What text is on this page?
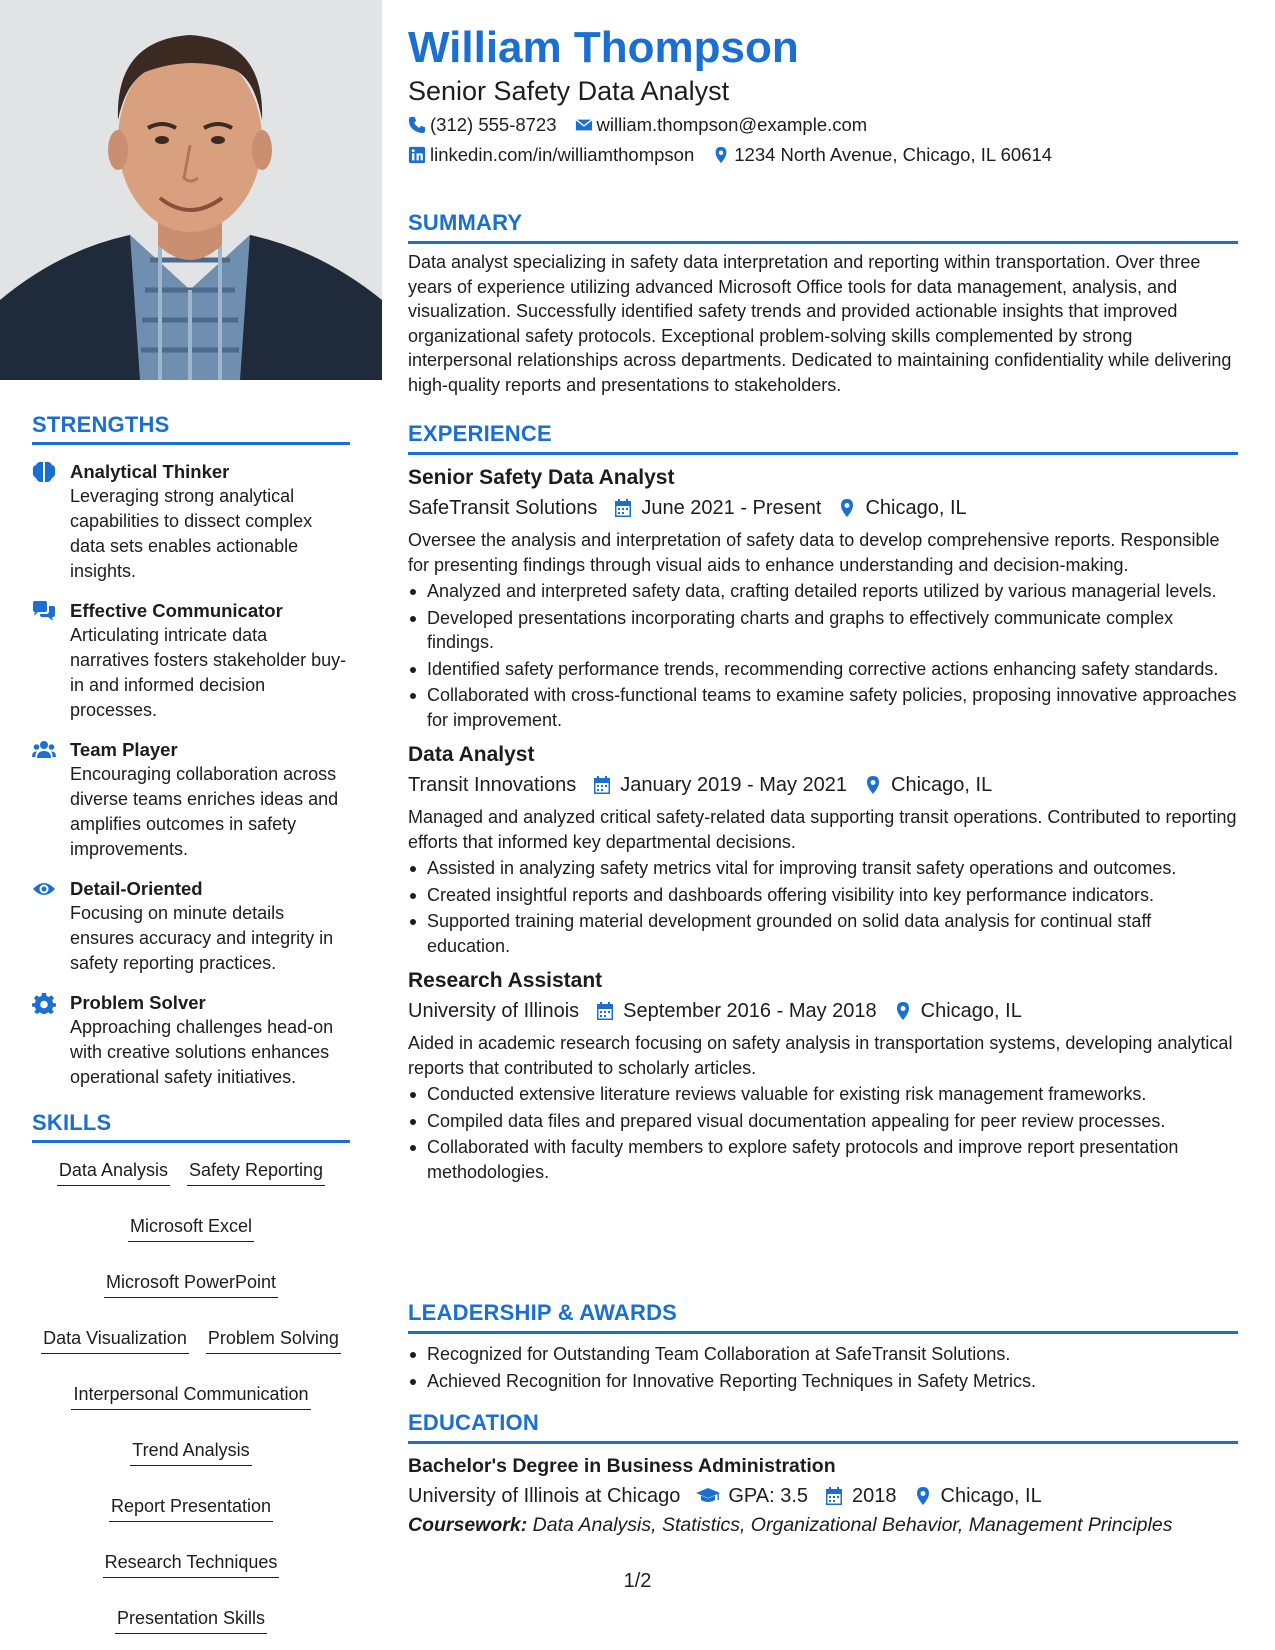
STRENGTHS
Analytical Thinker
Leveraging strong analytical capabilities to dissect complex data sets enables actionable insights.
Effective Communicator
Articulating intricate data narratives fosters stakeholder buy-in and informed decision processes.
Team Player
Encouraging collaboration across diverse teams enriches ideas and amplifies outcomes in safety improvements.
Detail-Oriented
Focusing on minute details ensures accuracy and integrity in safety reporting practices.
Problem Solver
Approaching challenges head-on with creative solutions enhances operational safety initiatives.
SKILLS
Data Analysis Safety Reporting
Microsoft Excel
Microsoft PowerPoint
Data Visualization Problem Solving
Interpersonal Communication
Trend Analysis
Report Presentation
Research Techniques
Presentation Skills
William Thompson
Senior Safety Data Analyst
(312) 555-8723 william.thompson@example.com
linkedin.com/in/williamthompson 1234 North Avenue, Chicago, IL 60614
SUMMARY
Data analyst specializing in safety data interpretation and reporting within transportation. Over three years of experience utilizing advanced Microsoft Office tools for data management, analysis, and visualization. Successfully identified safety trends and provided actionable insights that improved organizational safety protocols. Exceptional problem-solving skills complemented by strong interpersonal relationships across departments. Dedicated to maintaining confidentiality while delivering high-quality reports and presentations to stakeholders.
EXPERIENCE
Senior Safety Data Analyst
SafeTransit Solutions June 2021 - Present Chicago, IL
Oversee the analysis and interpretation of safety data to develop comprehensive reports. Responsible for presenting findings through visual aids to enhance understanding and decision-making.
Analyzed and interpreted safety data, crafting detailed reports utilized by various managerial levels.
Developed presentations incorporating charts and graphs to effectively communicate complex findings.
Identified safety performance trends, recommending corrective actions enhancing safety standards.
Collaborated with cross-functional teams to examine safety policies, proposing innovative approaches for improvement.
Data Analyst
Transit Innovations January 2019 - May 2021 Chicago, IL
Managed and analyzed critical safety-related data supporting transit operations. Contributed to reporting efforts that informed key departmental decisions.
Assisted in analyzing safety metrics vital for improving transit safety operations and outcomes.
Created insightful reports and dashboards offering visibility into key performance indicators.
Supported training material development grounded on solid data analysis for continual staff education.
Research Assistant
University of Illinois September 2016 - May 2018 Chicago, IL
Aided in academic research focusing on safety analysis in transportation systems, developing analytical reports that contributed to scholarly articles.
Conducted extensive literature reviews valuable for existing risk management frameworks.
Compiled data files and prepared visual documentation appealing for peer review processes.
Collaborated with faculty members to explore safety protocols and improve report presentation methodologies.
LEADERSHIP & AWARDS
Recognized for Outstanding Team Collaboration at SafeTransit Solutions.
Achieved Recognition for Innovative Reporting Techniques in Safety Metrics.
EDUCATION
Bachelor's Degree in Business Administration
University of Illinois at Chicago GPA: 3.5 2018 Chicago, IL
Coursework: Data Analysis, Statistics, Organizational Behavior, Management Principles
1/2
